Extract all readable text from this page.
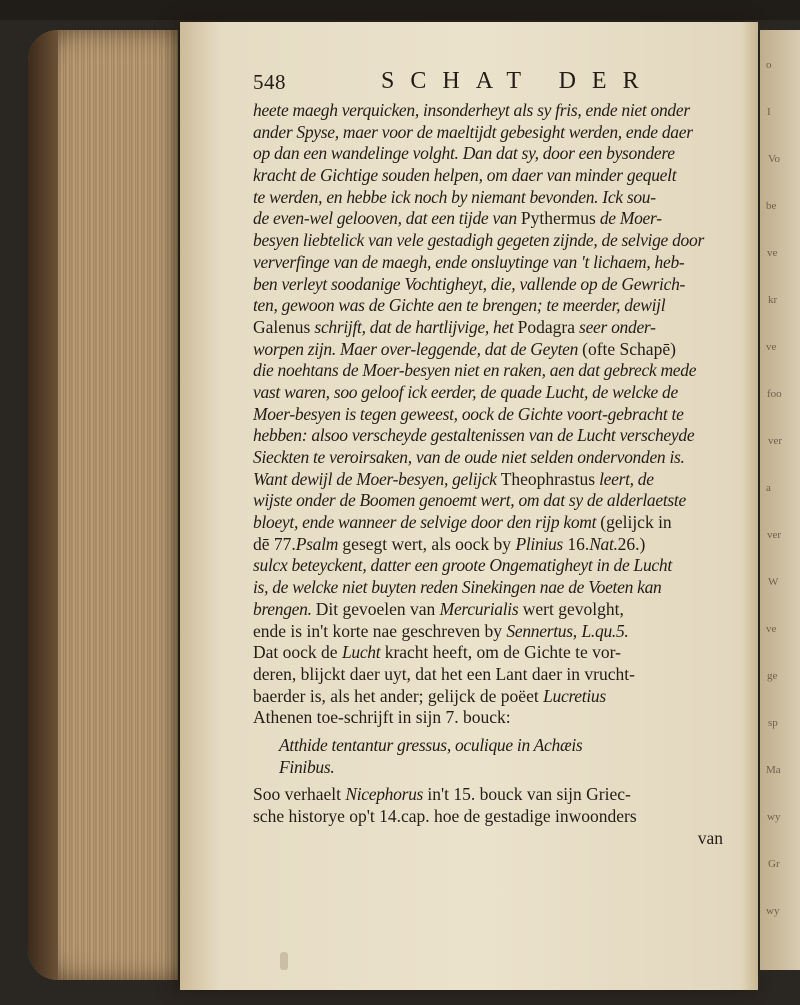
o
I
Vo
be
ve
kr
ve
foo
ver
a
ver
W
ve
ge
sp
Ma
wy
Gr
wy
548	SCHAT DER
heete maegh verquicken, insonderheyt als sy fris, ende niet onder
ander Spyse, maer voor de maeltijdt gebesight werden, ende daer
op dan een wandelinge volght. Dan dat sy, door een bysondere
kracht de Gichtige souden helpen, om daer van minder gequelt
te werden, en hebbe ick noch by niemant bevonden. Ick sou-
de even-wel gelooven, dat een tijde van Pythermus de Moer-
besyen liebtelick van vele gestadigh gegeten zijnde, de selvige door
ververfinge van de maegh, ende onsluytinge van 't lichaem, heb-
ben verleyt soodanige Vochtigheyt, die, vallende op de Gewrich-
ten, gewoon was de Gichte aen te brengen; te meerder, dewijl
Galenus schrijft, dat de hartlijvige, het Podagra seer onder-
worpen zijn. Maer over-leggende, dat de Geyten (ofte Schapē)
die noehtans de Moer-besyen niet en raken, aen dat gebreck mede
vast waren, soo geloof ick eerder, de quade Lucht, de welcke de
Moer-besyen is tegen geweest, oock de Gichte voort-gebracht te
hebben: alsoo verscheyde gestaltenissen van de Lucht verscheyde
Sieckten te veroirsaken, van de oude niet selden ondervonden is.
Want dewijl de Moer-besyen, gelijck Theophrastus leert, de
wijste onder de Boomen genoemt wert, om dat sy de alderlaetste
bloeyt, ende wanneer de selvige door den rijp komt (gelijck in
dē 77.Psalm gesegt wert, als oock by Plinius 16.Nat.26.)
sulcx beteyckent, datter een groote Ongematigheyt in de Lucht
is, de welcke niet buyten reden Sinekingen nae de Voeten kan
brengen. Dit gevoelen van Mercurialis wert gevolght,
ende is in't korte nae geschreven by Sennertus, L.qu.5.
Dat oock de Lucht kracht heeft, om de Gichte te vor-
deren, blijckt daer uyt, dat het een Lant daer in vrucht-
baerder is, als het ander; gelijck de poëet Lucretius
Athenen toe-schrijft in sijn 7. bouck:
Atthide tentantur gressus, oculique in Achæis
Finibus.
Soo verhaelt Nicephorus in't 15. bouck van sijn Griec-
sche historye op't 14.cap. hoe de gestadige inwoonders
van
